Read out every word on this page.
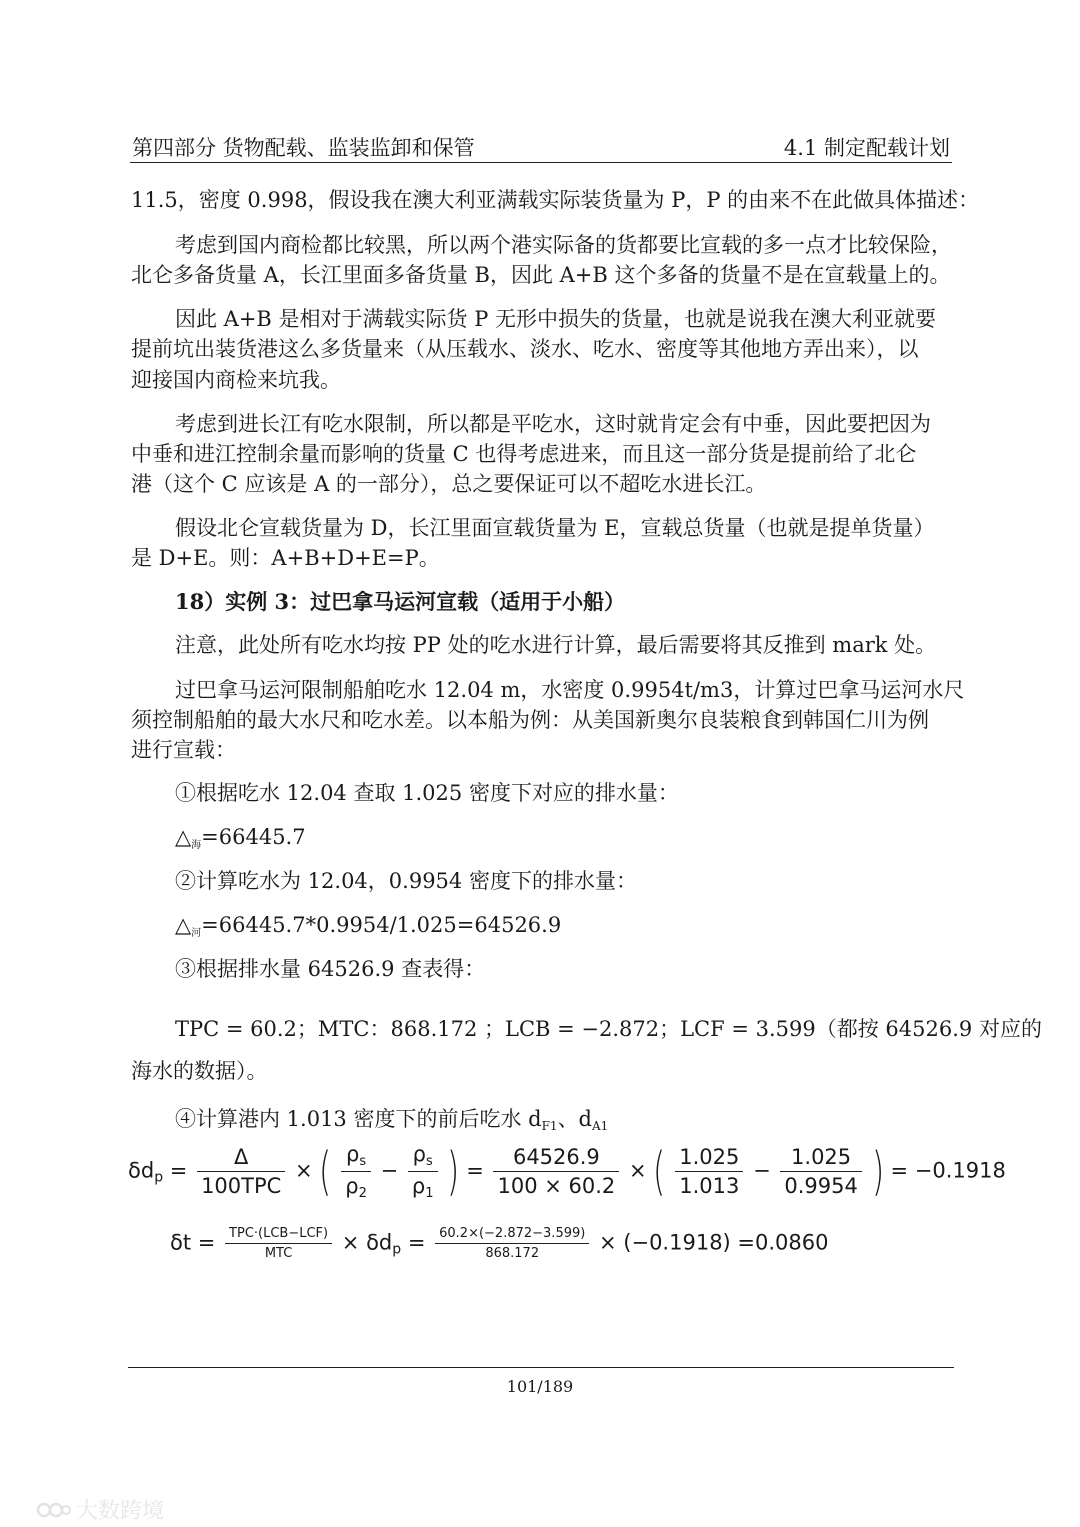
第四部分 货物配载、监装监卸和保管	4.1 制定配载计划
11.5，密度 0.998，假设我在澳大利亚满载实际装货量为 P，P 的由来不在此做具体描述：
考虑到国内商检都比较黑，所以两个港实际备的货都要比宣载的多一点才比较保险，
北仑多备货量 A，长江里面多备货量 B，因此 A+B 这个多备的货量不是在宣载量上的。
因此 A+B 是相对于满载实际货 P 无形中损失的货量，也就是说我在澳大利亚就要
提前坑出装货港这么多货量来（从压载水、淡水、吃水、密度等其他地方弄出来），以
迎接国内商检来坑我。
考虑到进长江有吃水限制，所以都是平吃水，这时就肯定会有中垂，因此要把因为
中垂和进江控制余量而影响的货量 C 也得考虑进来，而且这一部分货是提前给了北仑
港（这个 C 应该是 A 的一部分），总之要保证可以不超吃水进长江。
假设北仑宣载货量为 D，长江里面宣载货量为 E，宣载总货量（也就是提单货量）
是 D+E。则：A+B+D+E=P。
18）实例 3：过巴拿马运河宣载（适用于小船）
注意，此处所有吃水均按 PP 处的吃水进行计算，最后需要将其反推到 mark 处。
过巴拿马运河限制船舶吃水 12.04 m，水密度 0.9954t/m3，计算过巴拿马运河水尺
须控制船舶的最大水尺和吃水差。以本船为例：从美国新奥尔良装粮食到韩国仁川为例
进行宣载：
①根据吃水 12.04 查取 1.025 密度下对应的排水量：
$\triangle_海=66445.7$
②计算吃水为 12.04，0.9954 密度下的排水量：
$\triangle_河=66445.7*0.9954/1.025=64526.9$
③根据排水量 64526.9 查表得：
TPC = 60.2；MTC：868.172 ；LCB = −2.872；LCF = 3.599（都按 64526.9 对应的
海水的数据）。
④计算港内 1.013 密度下的前后吃水 dF1、dA1
$\delta d_p = \frac{\Delta}{\text{100TPC}}$ × ( $\frac{\rho_s}{\rho_2} - \frac{\rho_s}{\rho_1}$ ) = $\frac{64526.9}{100 \times 60.2}$ × ( $\frac{1.025}{1.013} - \frac{1.025}{0.9954}$ ) = −0.1918
$\delta t = \frac{\text{TPC·(LCB−LCF)}}{\text{MTC}} \times \delta d_p = \frac{60.2\times(-2.872-3.599)}{868.172} \times (-0.1918) =0.0860$
101/189
大数跨境
